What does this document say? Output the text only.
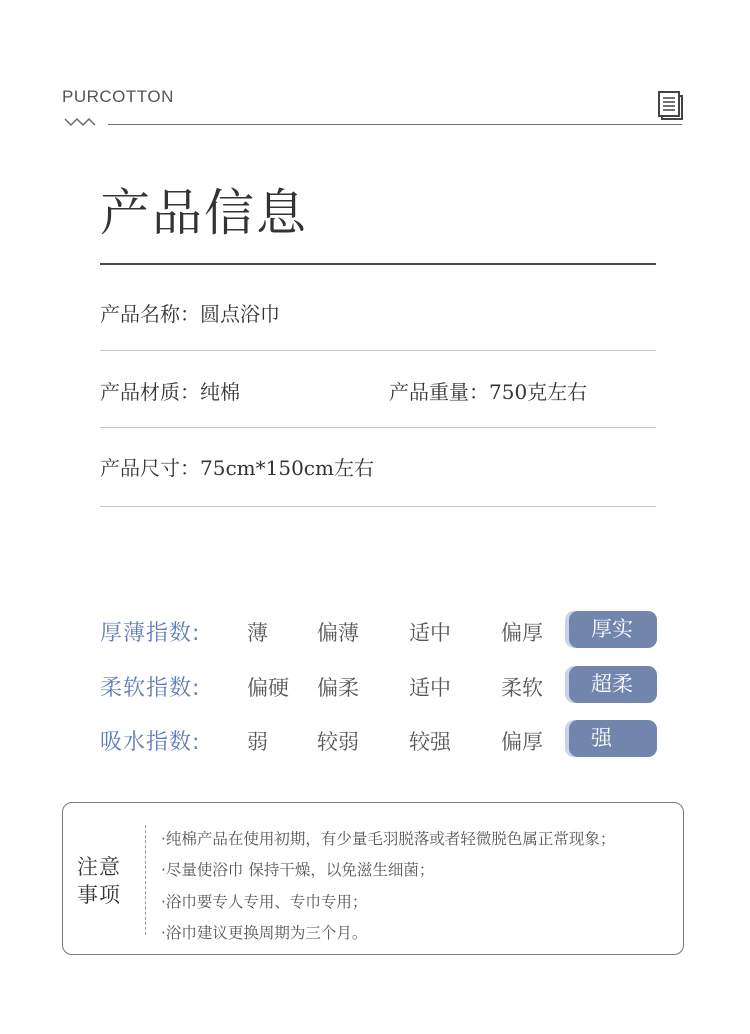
PURCOTTON
产品信息
产品名称：圆点浴巾
产品材质：纯棉	产品重量：750克左右
产品尺寸：75cm*150cm左右
厚薄指数: 薄 偏薄 适中 偏厚	厚实
柔软指数: 偏硬 偏柔 适中 柔软	超柔
吸水指数: 弱 较弱 较强 偏厚	强
注意事项
·纯棉产品在使用初期，有少量毛羽脱落或者轻微脱色属正常现象；
·尽量使浴巾 保持干燥，以免滋生细菌；
·浴巾要专人专用、专巾专用；
·浴巾建议更换周期为三个月。
